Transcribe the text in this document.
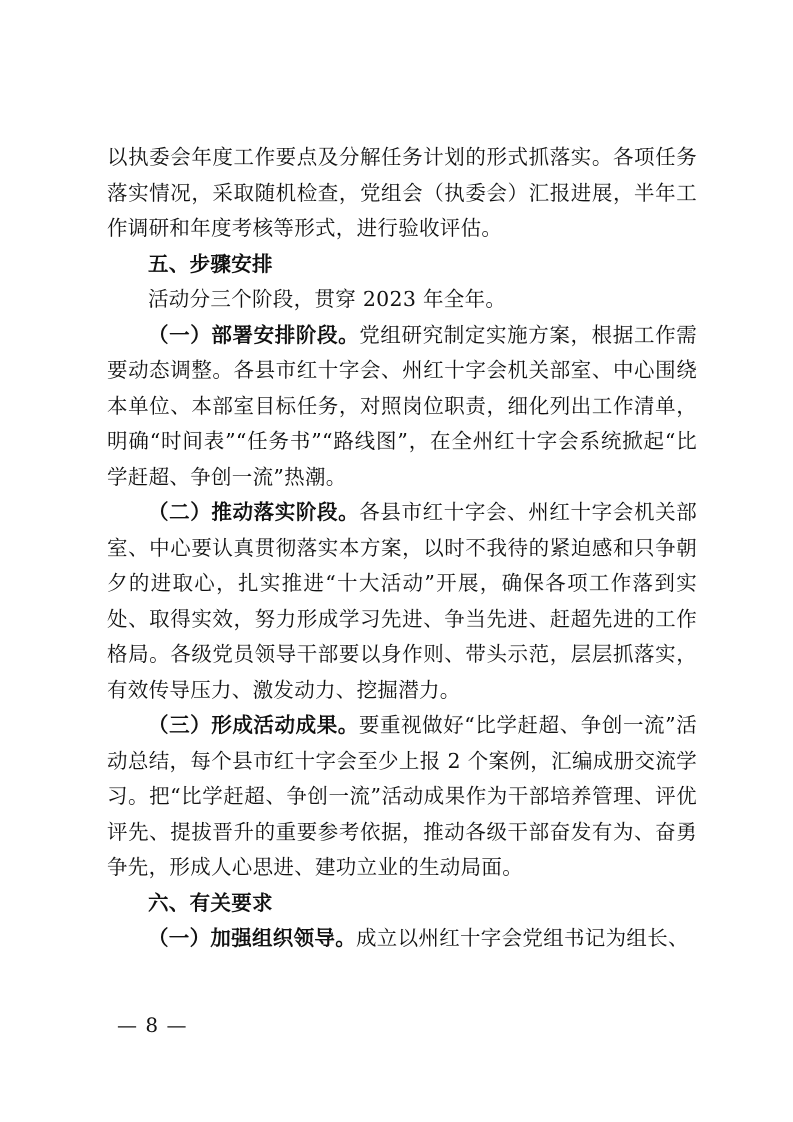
以执委会年度工作要点及分解任务计划的形式抓落实。各项任务落实情况，采取随机检查，党组会（执委会）汇报进展，半年工作调研和年度考核等形式，进行验收评估。

五、步骤安排

活动分三个阶段，贯穿 2023 年全年。

（一）部署安排阶段。党组研究制定实施方案，根据工作需要动态调整。各县市红十字会、州红十字会机关部室、中心围绕本单位、本部室目标任务，对照岗位职责，细化列出工作清单，明确“时间表”“任务书”“路线图”，在全州红十字会系统掀起“比学赶超、争创一流”热潮。

（二）推动落实阶段。各县市红十字会、州红十字会机关部室、中心要认真贯彻落实本方案，以时不我待的紧迫感和只争朝夕的进取心，扎实推进“十大活动”开展，确保各项工作落到实处、取得实效，努力形成学习先进、争当先进、赶超先进的工作格局。各级党员领导干部要以身作则、带头示范，层层抓落实，有效传导压力、激发动力、挖掘潜力。

（三）形成活动成果。要重视做好“比学赶超、争创一流”活动总结，每个县市红十字会至少上报 2 个案例，汇编成册交流学习。把“比学赶超、争创一流”活动成果作为干部培养管理、评优评先、提拔晋升的重要参考依据，推动各级干部奋发有为、奋勇争先，形成人心思进、建功立业的生动局面。

六、有关要求

（一）加强组织领导。成立以州红十字会党组书记为组长、

— 8 —
